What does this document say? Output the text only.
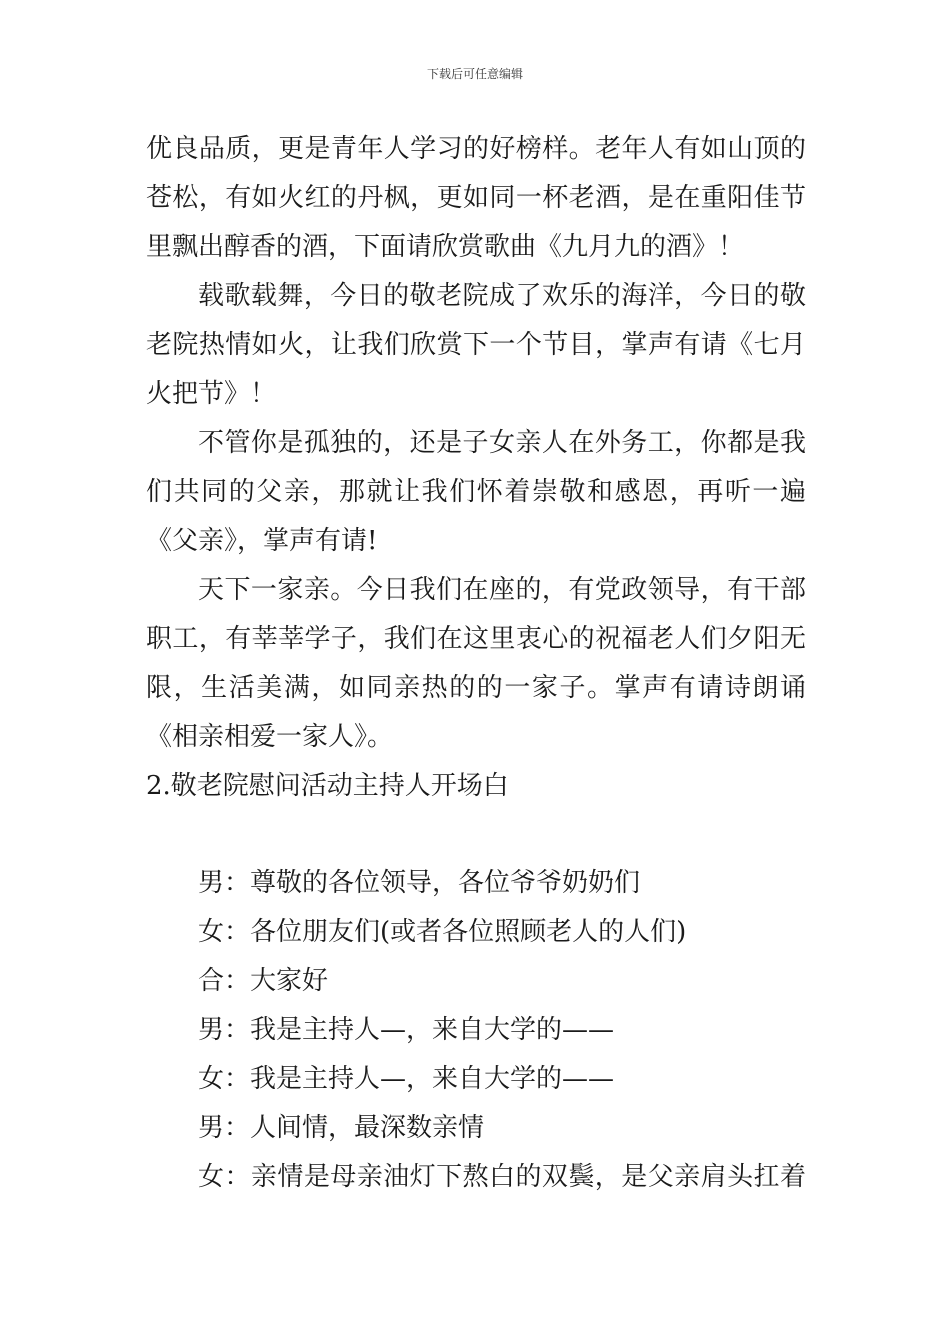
下载后可任意编辑
优良品质，更是青年人学习的好榜样。老年人有如山顶的
苍松，有如火红的丹枫，更如同一杯老酒，是在重阳佳节
里飘出醇香的酒，下面请欣赏歌曲《九月九的酒》！
载歌载舞，今日的敬老院成了欢乐的海洋，今日的敬
老院热情如火，让我们欣赏下一个节目，掌声有请《七月
火把节》！
不管你是孤独的，还是子女亲人在外务工，你都是我
们共同的父亲，那就让我们怀着崇敬和感恩，再听一遍
《父亲》，掌声有请!
天下一家亲。今日我们在座的，有党政领导，有干部
职工，有莘莘学子，我们在这里衷心的祝福老人们夕阳无
限，生活美满，如同亲热的的一家子。掌声有请诗朗诵
《相亲相爱一家人》。
2.敬老院慰问活动主持人开场白
男：尊敬的各位领导，各位爷爷奶奶们
女：各位朋友们(或者各位照顾老人的人们)
合：大家好
男：我是主持人—，来自大学的——
女：我是主持人—，来自大学的——
男：人间情，最深数亲情
女：亲情是母亲油灯下熬白的双鬓，是父亲肩头扛着
